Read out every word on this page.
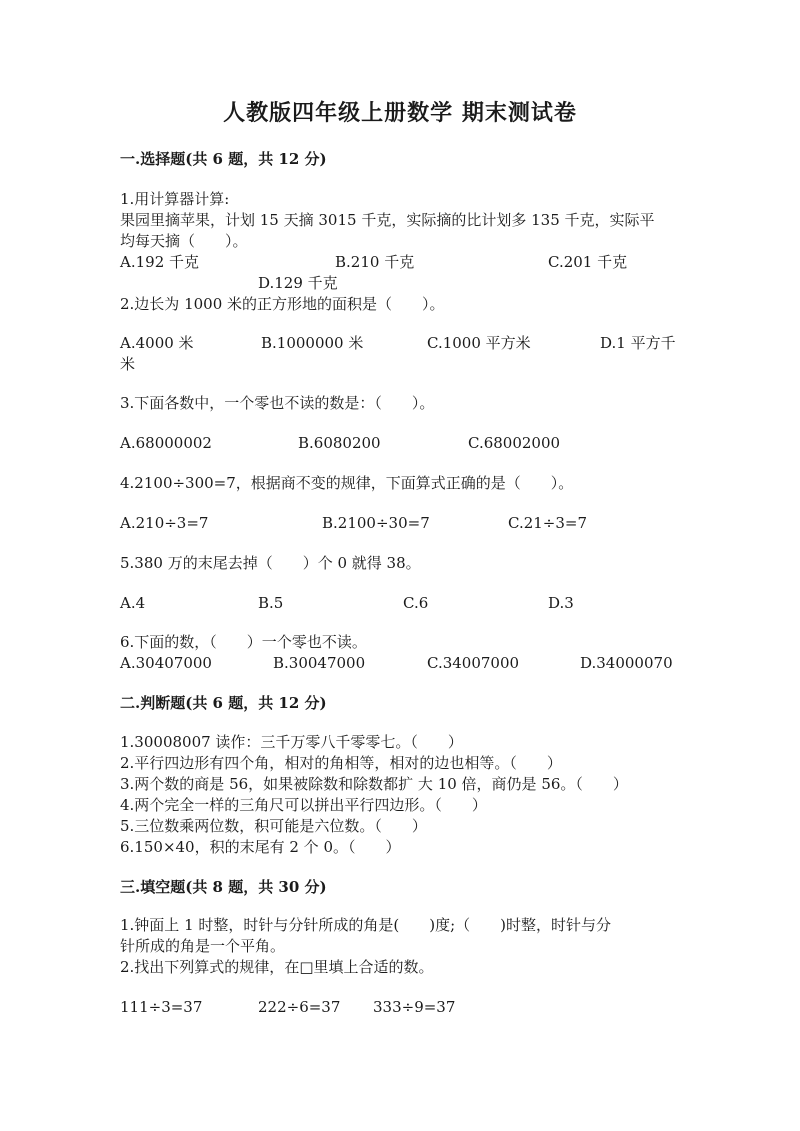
人教版四年级上册数学 期末测试卷
一.选择题(共 6 题，共 12 分)
1.用计算器计算:
果园里摘苹果，计划 15 天摘 3015 千克，实际摘的比计划多 135 千克，实际平
均每天摘（　　）。
A.192 千克	B.210 千克	C.201 千克
D.129 千克
2.边长为 1000 米的正方形地的面积是（　　）。
A.4000 米	B.1000000 米	C.1000 平方米	D.1 平方千
米
3.下面各数中，一个零也不读的数是：（　　）。
A.68000002	B.6080200	C.68002000
4.2100÷300=7，根据商不变的规律，下面算式正确的是（　　）。
A.210÷3=7	B.2100÷30=7	C.21÷3=7
5.380 万的末尾去掉（　　）个 0 就得 38。
A.4	B.5	C.6	D.3
6.下面的数，（　　）一个零也不读。
A.30407000	B.30047000	C.34007000	D.34000070
二.判断题(共 6 题，共 12 分)
1.30008007 读作：三千万零八千零零七。（　　）
2.平行四边形有四个角，相对的角相等，相对的边也相等。（　　）
3.两个数的商是 56，如果被除数和除数都扩 大 10 倍，商仍是 56。（　　）
4.两个完全一样的三角尺可以拼出平行四边形。（　　）
5.三位数乘两位数，积可能是六位数。（　　）
6.150×40，积的末尾有 2 个 0。（　　）
三.填空题(共 8 题，共 30 分)
1.钟面上 1 时整，时针与分针所成的角是(　　)度;（　　)时整，时针与分
针所成的角是一个平角。
2.找出下列算式的规律，在□里填上合适的数。
111÷3=37	222÷6=37 333÷9=37
